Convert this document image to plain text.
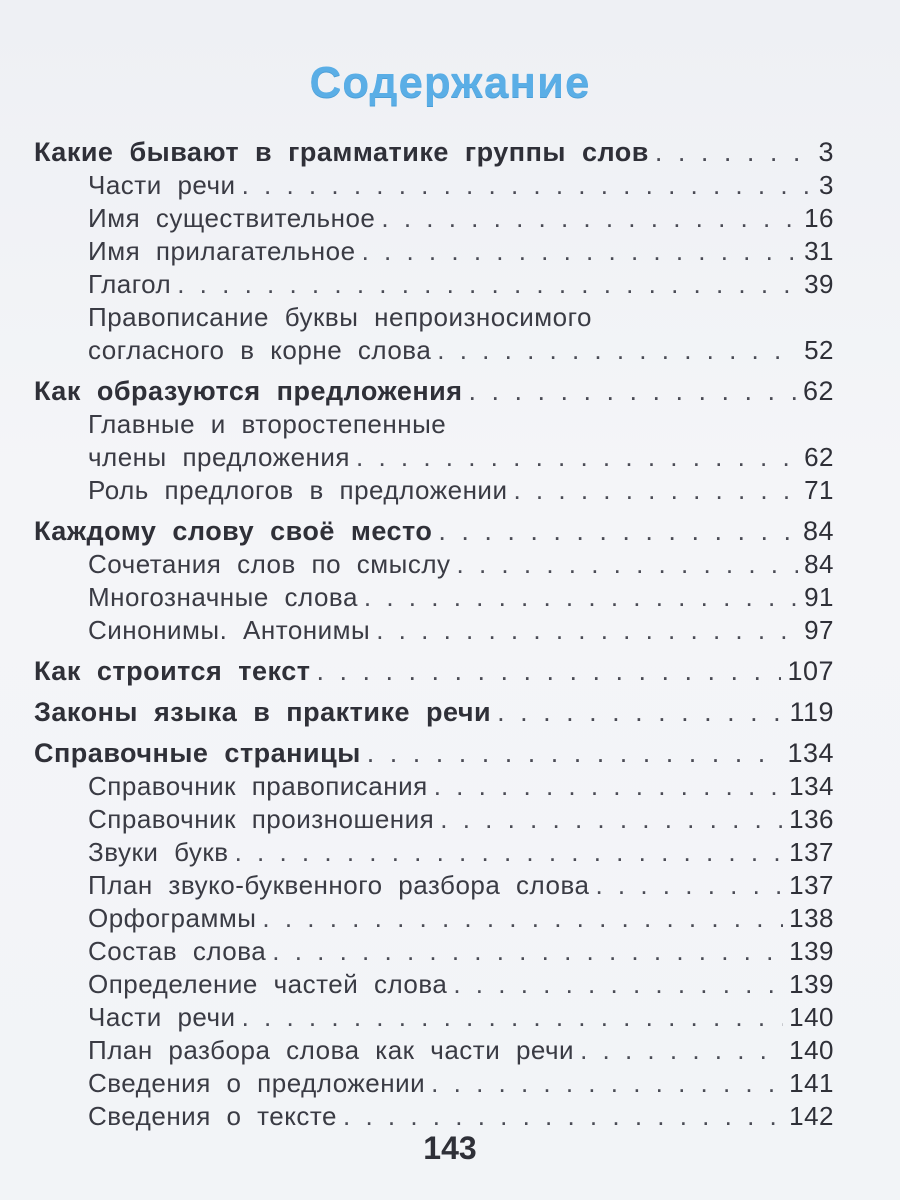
Содержание
Какие бывают в грамматике группы слов . . .	3
Части речи . . .	3
Имя существительное . . .	16
Имя прилагательное . . .	31
Глагол . . .	39
Правописание буквы непроизносимого
согласного в корне слова . . .	52
Как образуются предложения . . .	62
Главные и второстепенные
члены предложения . . .	62
Роль предлогов в предложении . . .	71
Каждому слову своё место . . .	84
Сочетания слов по смыслу . . .	84
Многозначные слова . . .	91
Синонимы. Антонимы . . .	97
Как строится текст . . .	107
Законы языка в практике речи . . .	119
Справочные страницы . . .	134
Справочник правописания . . .	134
Справочник произношения . . .	136
Звуки букв . . .	137
План звуко-буквенного разбора слова . . .	137
Орфограммы . . .	138
Состав слова . . .	139
Определение частей слова . . .	139
Части речи . . .	140
План разбора слова как части речи . . .	140
Сведения о предложении . . .	141
Сведения о тексте . . .	142
143
